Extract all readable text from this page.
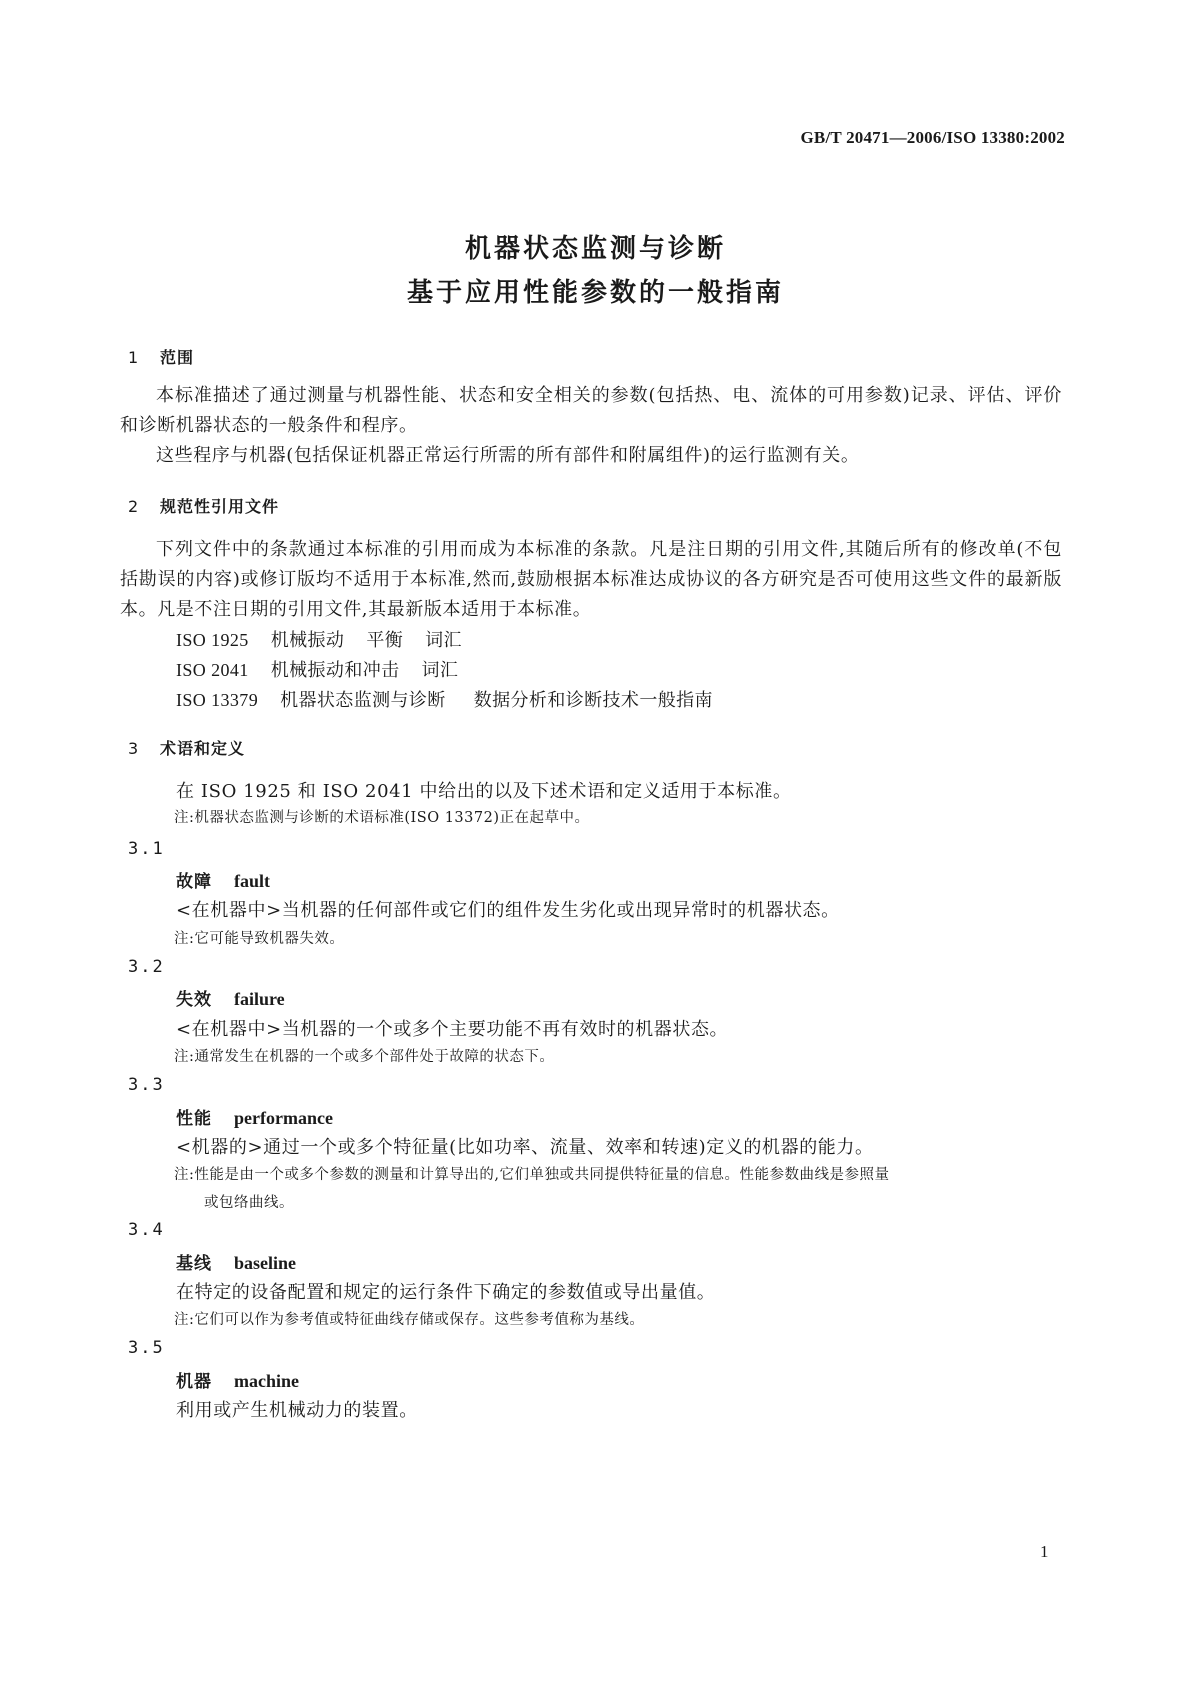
GB/T 20471—2006/ISO 13380:2002
机器状态监测与诊断
基于应用性能参数的一般指南
1 范围
本标准描述了通过测量与机器性能、状态和安全相关的参数(包括热、电、流体的可用参数)记录、评估、评价和诊断机器状态的一般条件和程序。
这些程序与机器(包括保证机器正常运行所需的所有部件和附属组件)的运行监测有关。
2 规范性引用文件
下列文件中的条款通过本标准的引用而成为本标准的条款。凡是注日期的引用文件,其随后所有的修改单(不包括勘误的内容)或修订版均不适用于本标准,然而,鼓励根据本标准达成协议的各方研究是否可使用这些文件的最新版本。凡是不注日期的引用文件,其最新版本适用于本标准。
ISO 1925 机械振动 平衡 词汇
ISO 2041 机械振动和冲击 词汇
ISO 13379 机器状态监测与诊断 数据分析和诊断技术一般指南
3 术语和定义
在 ISO 1925 和 ISO 2041 中给出的以及下述术语和定义适用于本标准。
注:机器状态监测与诊断的术语标准(ISO 13372)正在起草中。
3.1
故障 fault
<在机器中>当机器的任何部件或它们的组件发生劣化或出现异常时的机器状态。
注:它可能导致机器失效。
3.2
失效 failure
<在机器中>当机器的一个或多个主要功能不再有效时的机器状态。
注:通常发生在机器的一个或多个部件处于故障的状态下。
3.3
性能 performance
<机器的>通过一个或多个特征量(比如功率、流量、效率和转速)定义的机器的能力。
注:性能是由一个或多个参数的测量和计算导出的,它们单独或共同提供特征量的信息。性能参数曲线是参照量
或包络曲线。
3.4
基线 baseline
在特定的设备配置和规定的运行条件下确定的参数值或导出量值。
注:它们可以作为参考值或特征曲线存储或保存。这些参考值称为基线。
3.5
机器 machine
利用或产生机械动力的装置。
1
